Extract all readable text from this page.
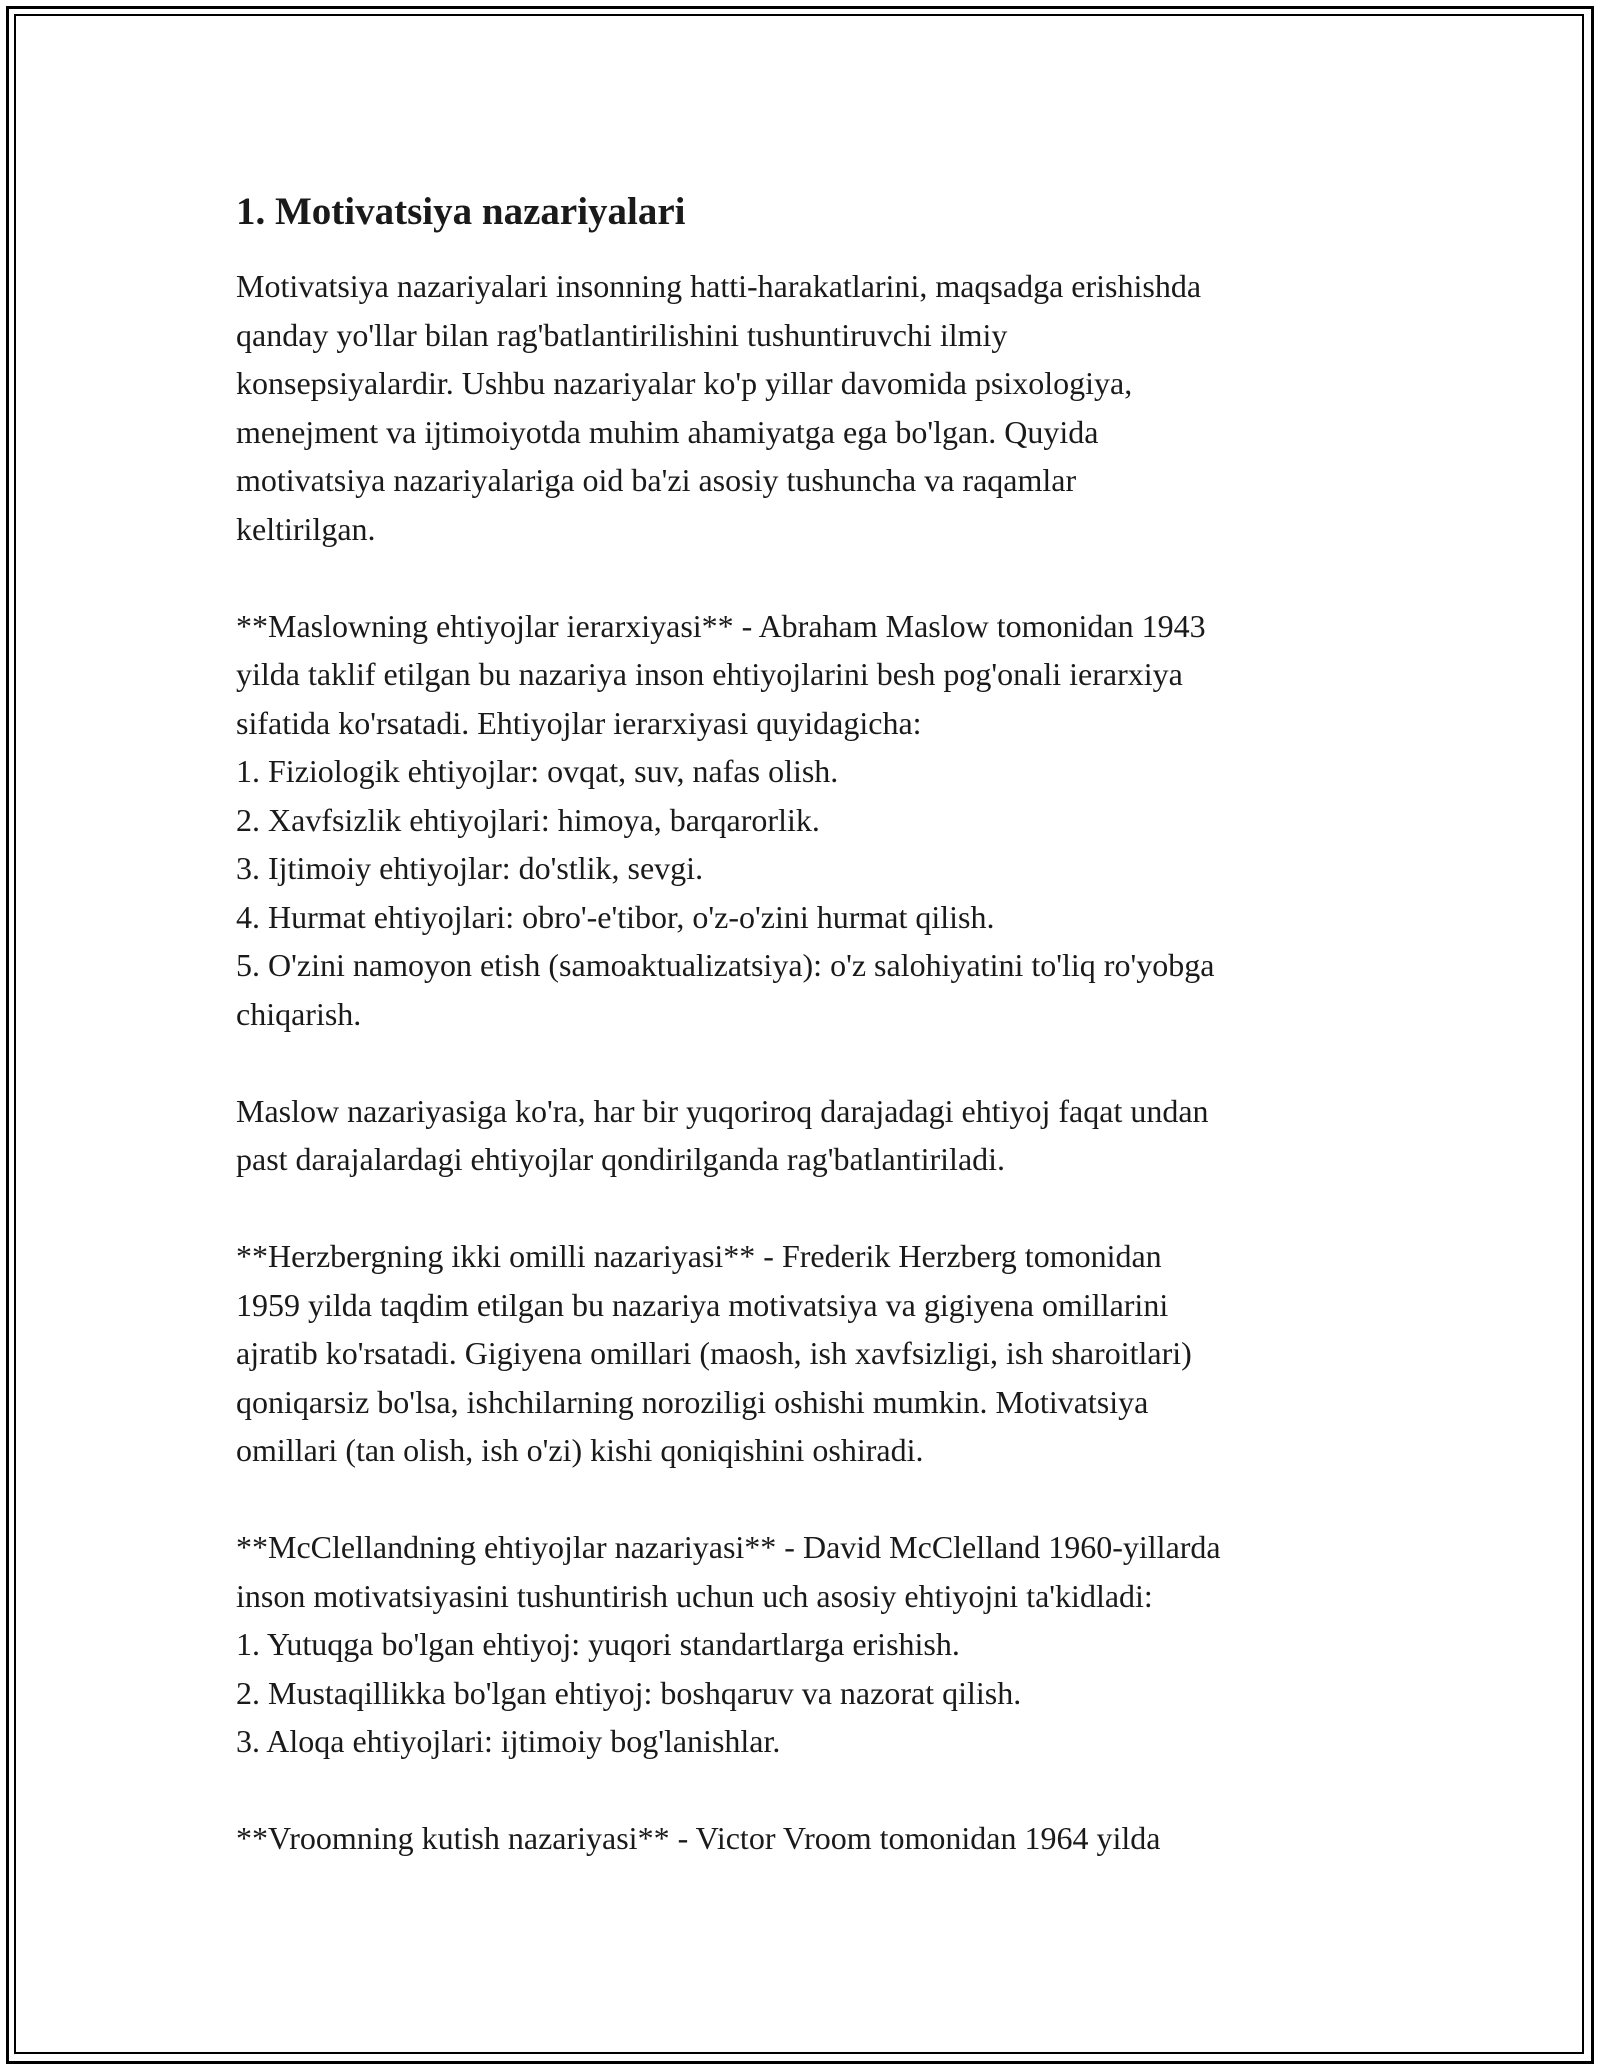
1. Motivatsiya nazariyalari

Motivatsiya nazariyalari insonning hatti-harakatlarini, maqsadga erishishda

qanday yo'llar bilan rag'batlantirilishini tushuntiruvchi ilmiy

konsepsiyalardir. Ushbu nazariyalar ko'p yillar davomida psixologiya,

menejment va ijtimoiyotda muhim ahamiyatga ega bo'lgan. Quyida

motivatsiya nazariyalariga oid ba'zi asosiy tushuncha va raqamlar

keltirilgan.

**Maslowning ehtiyojlar ierarxiyasi** - Abraham Maslow tomonidan 1943

yilda taklif etilgan bu nazariya inson ehtiyojlarini besh pog'onali ierarxiya

sifatida ko'rsatadi. Ehtiyojlar ierarxiyasi quyidagicha:

1. Fiziologik ehtiyojlar: ovqat, suv, nafas olish.

2. Xavfsizlik ehtiyojlari: himoya, barqarorlik.

3. Ijtimoiy ehtiyojlar: do'stlik, sevgi.

4. Hurmat ehtiyojlari: obro'-e'tibor, o'z-o'zini hurmat qilish.

5. O'zini namoyon etish (samoaktualizatsiya): o'z salohiyatini to'liq ro'yobga

chiqarish.

Maslow nazariyasiga ko'ra, har bir yuqoriroq darajadagi ehtiyoj faqat undan

past darajalardagi ehtiyojlar qondirilganda rag'batlantiriladi.

**Herzbergning ikki omilli nazariyasi** - Frederik Herzberg tomonidan

1959 yilda taqdim etilgan bu nazariya motivatsiya va gigiyena omillarini

ajratib ko'rsatadi. Gigiyena omillari (maosh, ish xavfsizligi, ish sharoitlari)

qoniqarsiz bo'lsa, ishchilarning noroziligi oshishi mumkin. Motivatsiya

omillari (tan olish, ish o'zi) kishi qoniqishini oshiradi.

**McClellandning ehtiyojlar nazariyasi** - David McClelland 1960-yillarda

inson motivatsiyasini tushuntirish uchun uch asosiy ehtiyojni ta'kidladi:

1. Yutuqga bo'lgan ehtiyoj: yuqori standartlarga erishish.

2. Mustaqillikka bo'lgan ehtiyoj: boshqaruv va nazorat qilish.

3. Aloqa ehtiyojlari: ijtimoiy bog'lanishlar.

**Vroomning kutish nazariyasi** - Victor Vroom tomonidan 1964 yilda
